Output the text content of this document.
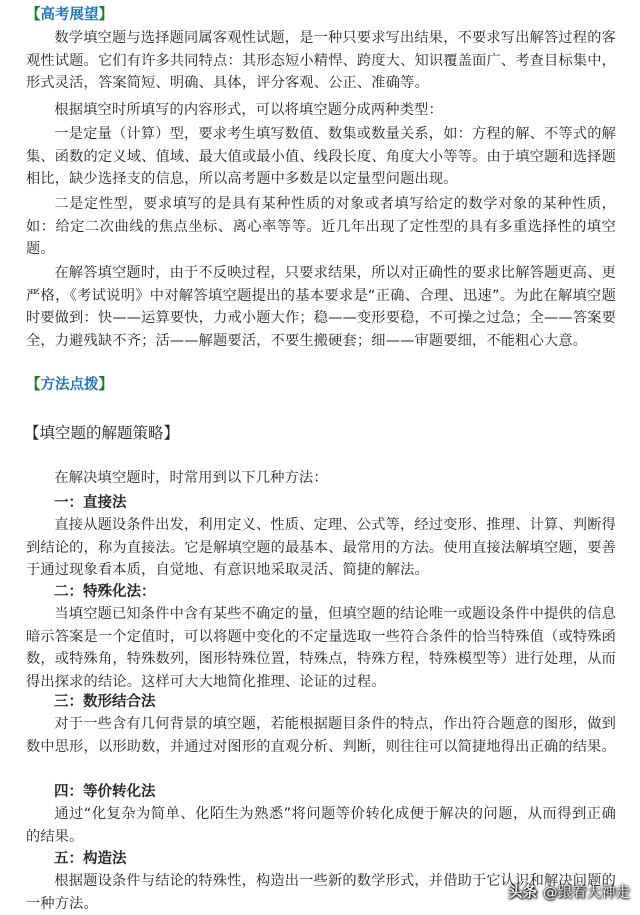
【高考展望】

数学填空题与选择题同属客观性试题，是一种只要求写出结果，不要求写出解答过程的客观性试题。它们有许多共同特点：其形态短小精悍、跨度大、知识覆盖面广、考查目标集中，形式灵活，答案简短、明确、具体，评分客观、公正、准确等。

根据填空时所填写的内容形式，可以将填空题分成两种类型：

一是定量（计算）型，要求考生填写数值、数集或数量关系，如：方程的解、不等式的解集、函数的定义域、值域、最大值或最小值、线段长度、角度大小等等。由于填空题和选择题相比，缺少选择支的信息，所以高考题中多数是以定量型问题出现。

二是定性型，要求填写的是具有某种性质的对象或者填写给定的数学对象的某种性质，如：给定二次曲线的焦点坐标、离心率等等。近几年出现了定性型的具有多重选择性的填空题。

在解答填空题时，由于不反映过程，只要求结果，所以对正确性的要求比解答题更高、更严格，《考试说明》中对解答填空题提出的基本要求是“正确、合理、迅速”。为此在解填空题时要做到：快——运算要快，力戒小题大作；稳——变形要稳，不可操之过急；全——答案要全，力避残缺不齐；活——解题要活，不要生搬硬套；细——审题要细，不能粗心大意。

【方法点拨】
【填空题的解题策略】

在解决填空题时，时常用到以下几种方法：

一：直接法

直接从题设条件出发，利用定义、性质、定理、公式等，经过变形、推理、计算、判断得到结论的，称为直接法。它是解填空题的最基本、最常用的方法。使用直接法解填空题，要善于通过现象看本质，自觉地、有意识地采取灵活、简捷的解法。

二：特殊化法：

当填空题已知条件中含有某些不确定的量，但填空题的结论唯一或题设条件中提供的信息暗示答案是一个定值时，可以将题中变化的不定量选取一些符合条件的恰当特殊值（或特殊函数，或特殊角，特殊数列，图形特殊位置，特殊点，特殊方程，特殊模型等）进行处理，从而得出探求的结论。这样可大大地简化推理、论证的过程。

三：数形结合法

对于一些含有几何背景的填空题，若能根据题目条件的特点，作出符合题意的图形，做到数中思形，以形助数，并通过对图形的直观分析、判断，则往往可以简捷地得出正确的结果。

四：等价转化法

通过“化复杂为简单、化陌生为熟悉”将问题等价转化成便于解决的问题，从而得到正确的结果。

五：构造法

根据题设条件与结论的特殊性，构造出一些新的数学形式，并借助于它认识和解决问题的一种方法。

头条 @跟着大神走
